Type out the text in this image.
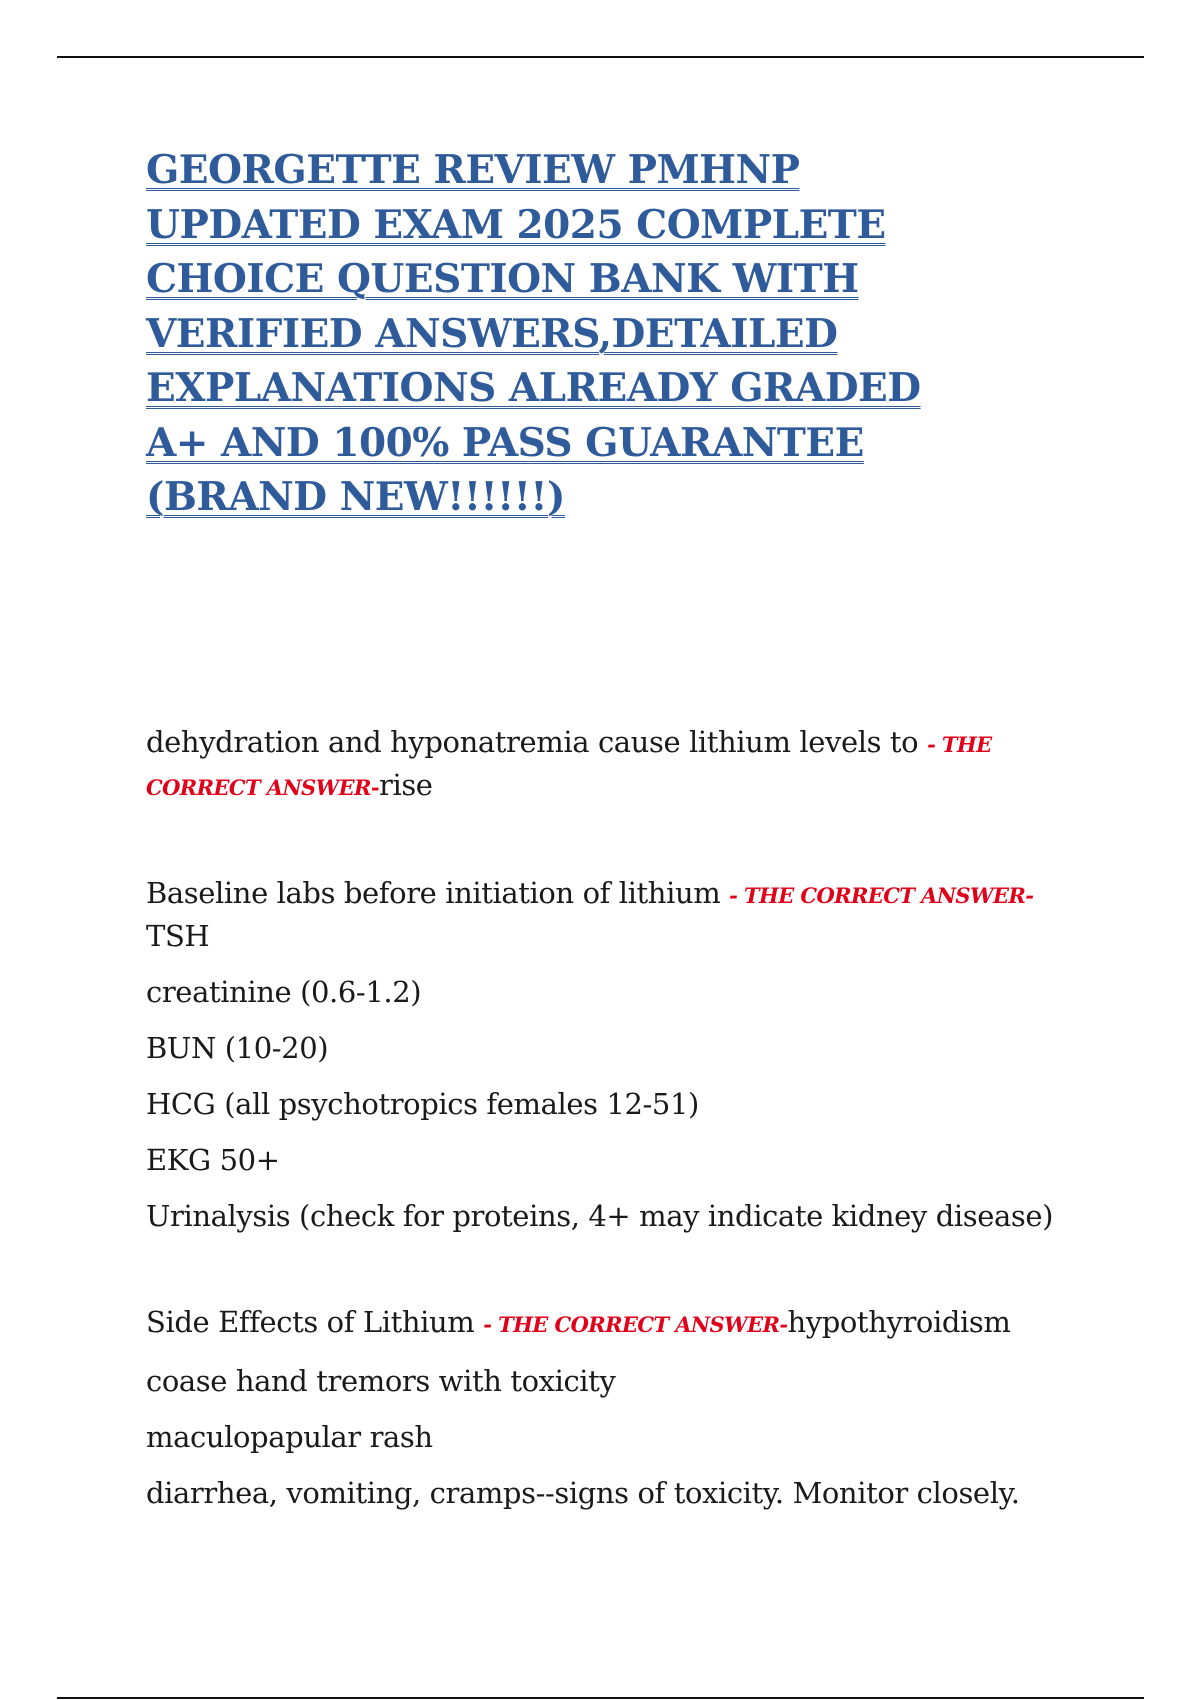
GEORGETTE REVIEW PMHNP
UPDATED EXAM 2025 COMPLETE
CHOICE QUESTION BANK WITH
VERIFIED ANSWERS,DETAILED
EXPLANATIONS ALREADY GRADED
A+ AND 100% PASS GUARANTEE
(BRAND NEW!!!!!!)
dehydration and hyponatremia cause lithium levels to - THE
CORRECT ANSWER-rise
Baseline labs before initiation of lithium - THE CORRECT ANSWER-
TSH
creatinine (0.6-1.2)
BUN (10-20)
HCG (all psychotropics females 12-51)
EKG 50+
Urinalysis (check for proteins, 4+ may indicate kidney disease)
Side Effects of Lithium - THE CORRECT ANSWER-hypothyroidism
coase hand tremors with toxicity
maculopapular rash
diarrhea, vomiting, cramps--signs of toxicity. Monitor closely.
